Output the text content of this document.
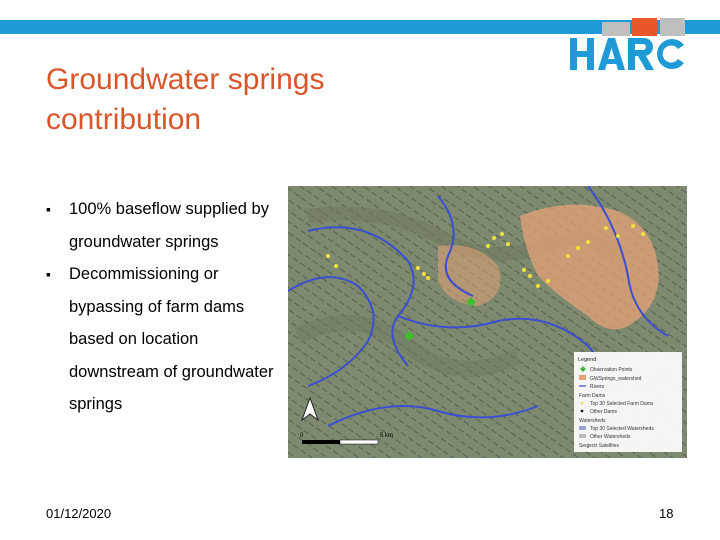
Groundwater springs
contribution
▪ 100% baseflow supplied by groundwater springs
▪ Decommissioning or bypassing of farm dams based on location downstream of groundwater springs
0	5 km
Legend
Observation Points
GWSprings_watershed
Rivers
Farm Dams
Top 30 Selected Farm Dams
Other Dams
Watersheds
Top 30 Selected Watersheds
Other Watersheds
Seqjectr Satellites
01/12/2020	18
